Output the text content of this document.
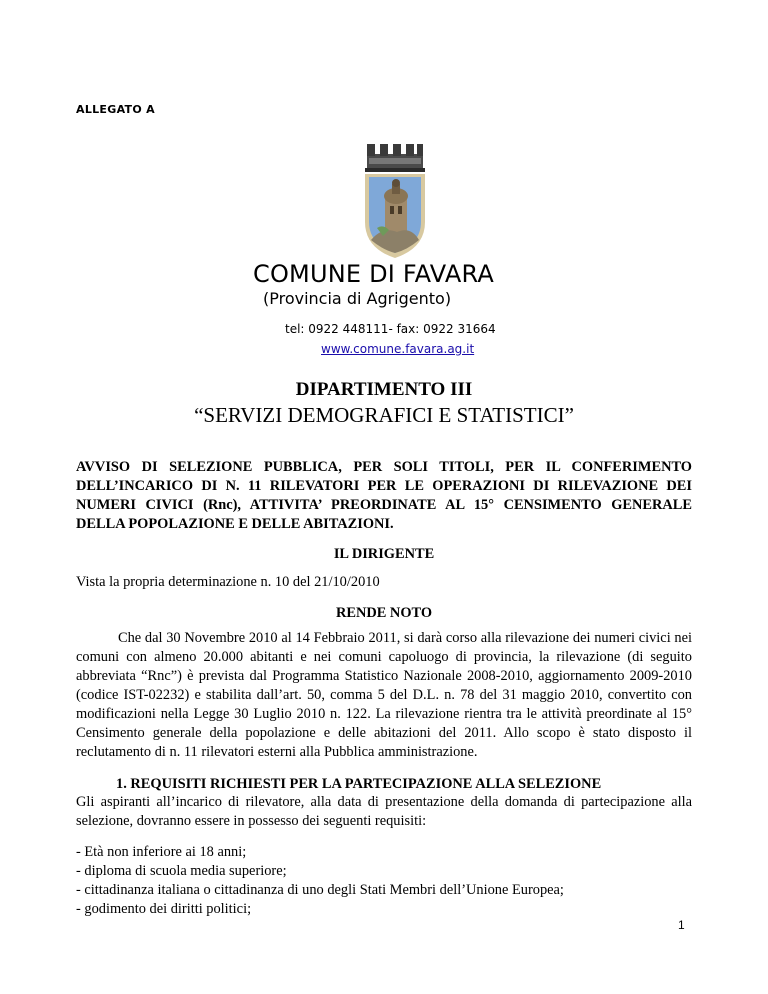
ALLEGATO A
COMUNE DI FAVARA
(Provincia di Agrigento)
tel: 0922 448111- fax: 0922 31664
www.comune.favara.ag.it
DIPARTIMENTO III
“SERVIZI DEMOGRAFICI E STATISTICI”
AVVISO DI SELEZIONE PUBBLICA, PER SOLI TITOLI, PER IL CONFERIMENTO DELL’INCARICO DI N. 11 RILEVATORI PER LE OPERAZIONI DI RILEVAZIONE DEI NUMERI CIVICI (Rnc), ATTIVITA’ PREORDINATE AL 15° CENSIMENTO GENERALE DELLA POPOLAZIONE E DELLE ABITAZIONI.
IL DIRIGENTE
Vista la propria determinazione n. 10 del 21/10/2010
RENDE NOTO

Che dal 30 Novembre 2010 al 14 Febbraio 2011, si darà corso alla rilevazione dei numeri civici nei comuni con almeno 20.000 abitanti e nei comuni capoluogo di provincia, la rilevazione (di seguito abbreviata “Rnc”) è prevista dal Programma Statistico Nazionale 2008-2010, aggiornamento 2009-2010 (codice IST-02232) e stabilita dall’art. 50, comma 5 del D.L. n. 78 del 31 maggio 2010, convertito con modificazioni nella Legge 30 Luglio 2010 n. 122. La rilevazione rientra tra le attività preordinate al 15° Censimento generale della popolazione e delle abitazioni del 2011. Allo scopo è stato disposto il reclutamento di n. 11 rilevatori esterni alla Pubblica amministrazione.

1. REQUISITI RICHIESTI PER LA PARTECIPAZIONE ALLA SELEZIONE

Gli aspiranti all’incarico di rilevatore, alla data di presentazione della domanda di partecipazione alla selezione, dovranno essere in possesso dei seguenti requisiti:

- Età non inferiore ai 18 anni;
- diploma di scuola media superiore;
- cittadinanza italiana o cittadinanza di uno degli Stati Membri dell’Unione Europea;
- godimento dei diritti politici;
1
